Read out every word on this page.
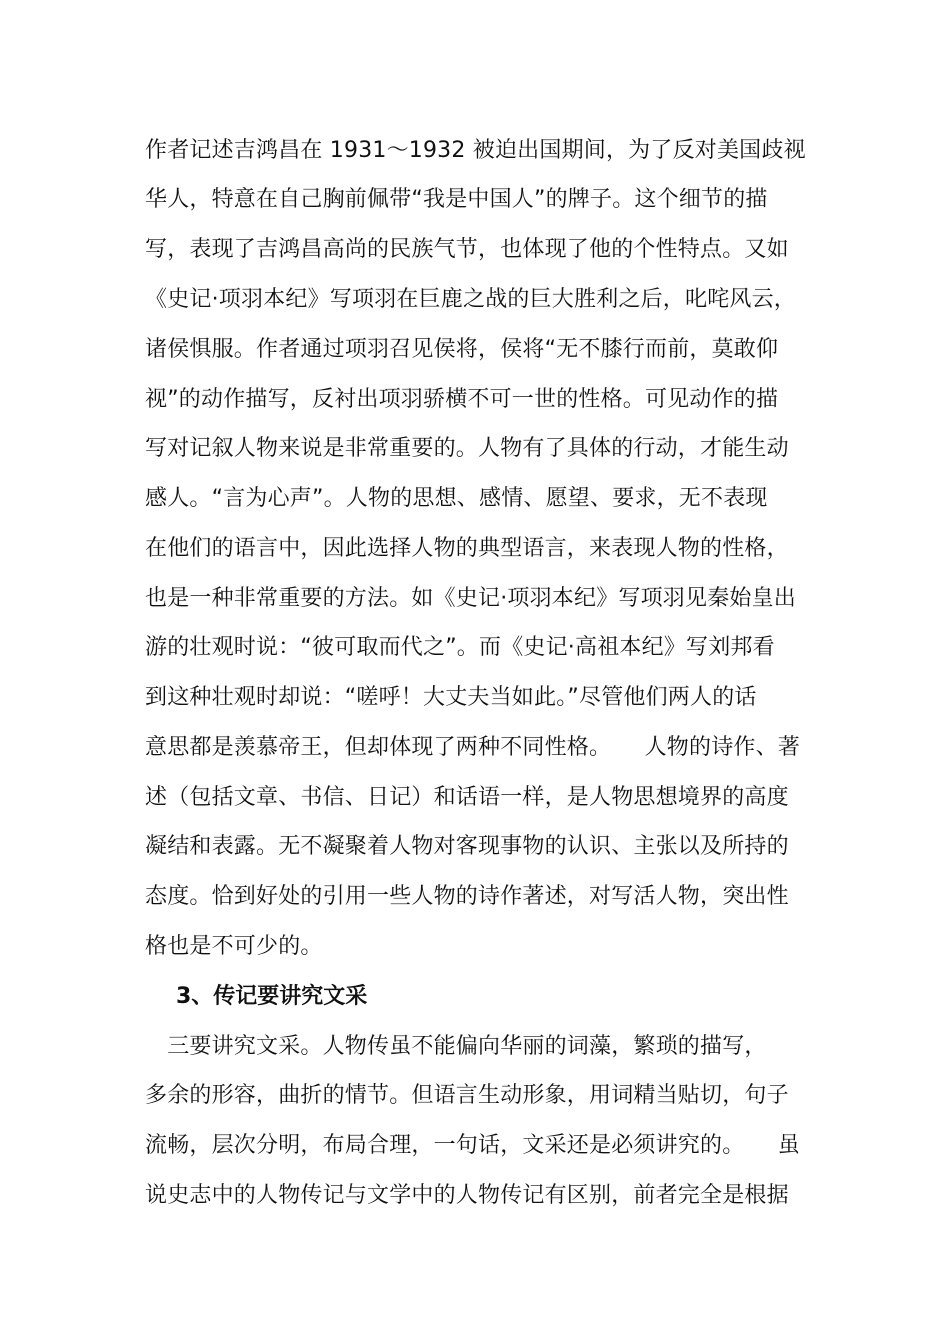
作者记述吉鸿昌在 1931～1932 被迫出国期间，为了反对美国歧视
华人，特意在自己胸前佩带“我是中国人”的牌子。这个细节的描
写，表现了吉鸿昌高尚的民族气节，也体现了他的个性特点。又如
《史记·项羽本纪》写项羽在巨鹿之战的巨大胜利之后，叱咤风云，
诸侯惧服。作者通过项羽召见侯将，侯将“无不膝行而前，莫敢仰
视”的动作描写，反衬出项羽骄横不可一世的性格。可见动作的描
写对记叙人物来说是非常重要的。人物有了具体的行动，才能生动
感人。“言为心声”。人物的思想、感情、愿望、要求，无不表现
在他们的语言中，因此选择人物的典型语言，来表现人物的性格，
也是一种非常重要的方法。如《史记·项羽本纪》写项羽见秦始皇出
游的壮观时说：“彼可取而代之”。而《史记·高祖本纪》写刘邦看
到这种壮观时却说：“嗟呼！大丈夫当如此。”尽管他们两人的话
意思都是羡慕帝王，但却体现了两种不同性格。　　人物的诗作、著
述（包括文章、书信、日记）和话语一样，是人物思想境界的高度
凝结和表露。无不凝聚着人物对客现事物的认识、主张以及所持的
态度。恰到好处的引用一些人物的诗作著述，对写活人物，突出性
格也是不可少的。
3、传记要讲究文采
　三要讲究文采。人物传虽不能偏向华丽的词藻，繁琐的描写，
多余的形容，曲折的情节。但语言生动形象，用词精当贴切，句子
流畅，层次分明，布局合理，一句话，文采还是必须讲究的。　　虽
说史志中的人物传记与文学中的人物传记有区别，前者完全是根据
